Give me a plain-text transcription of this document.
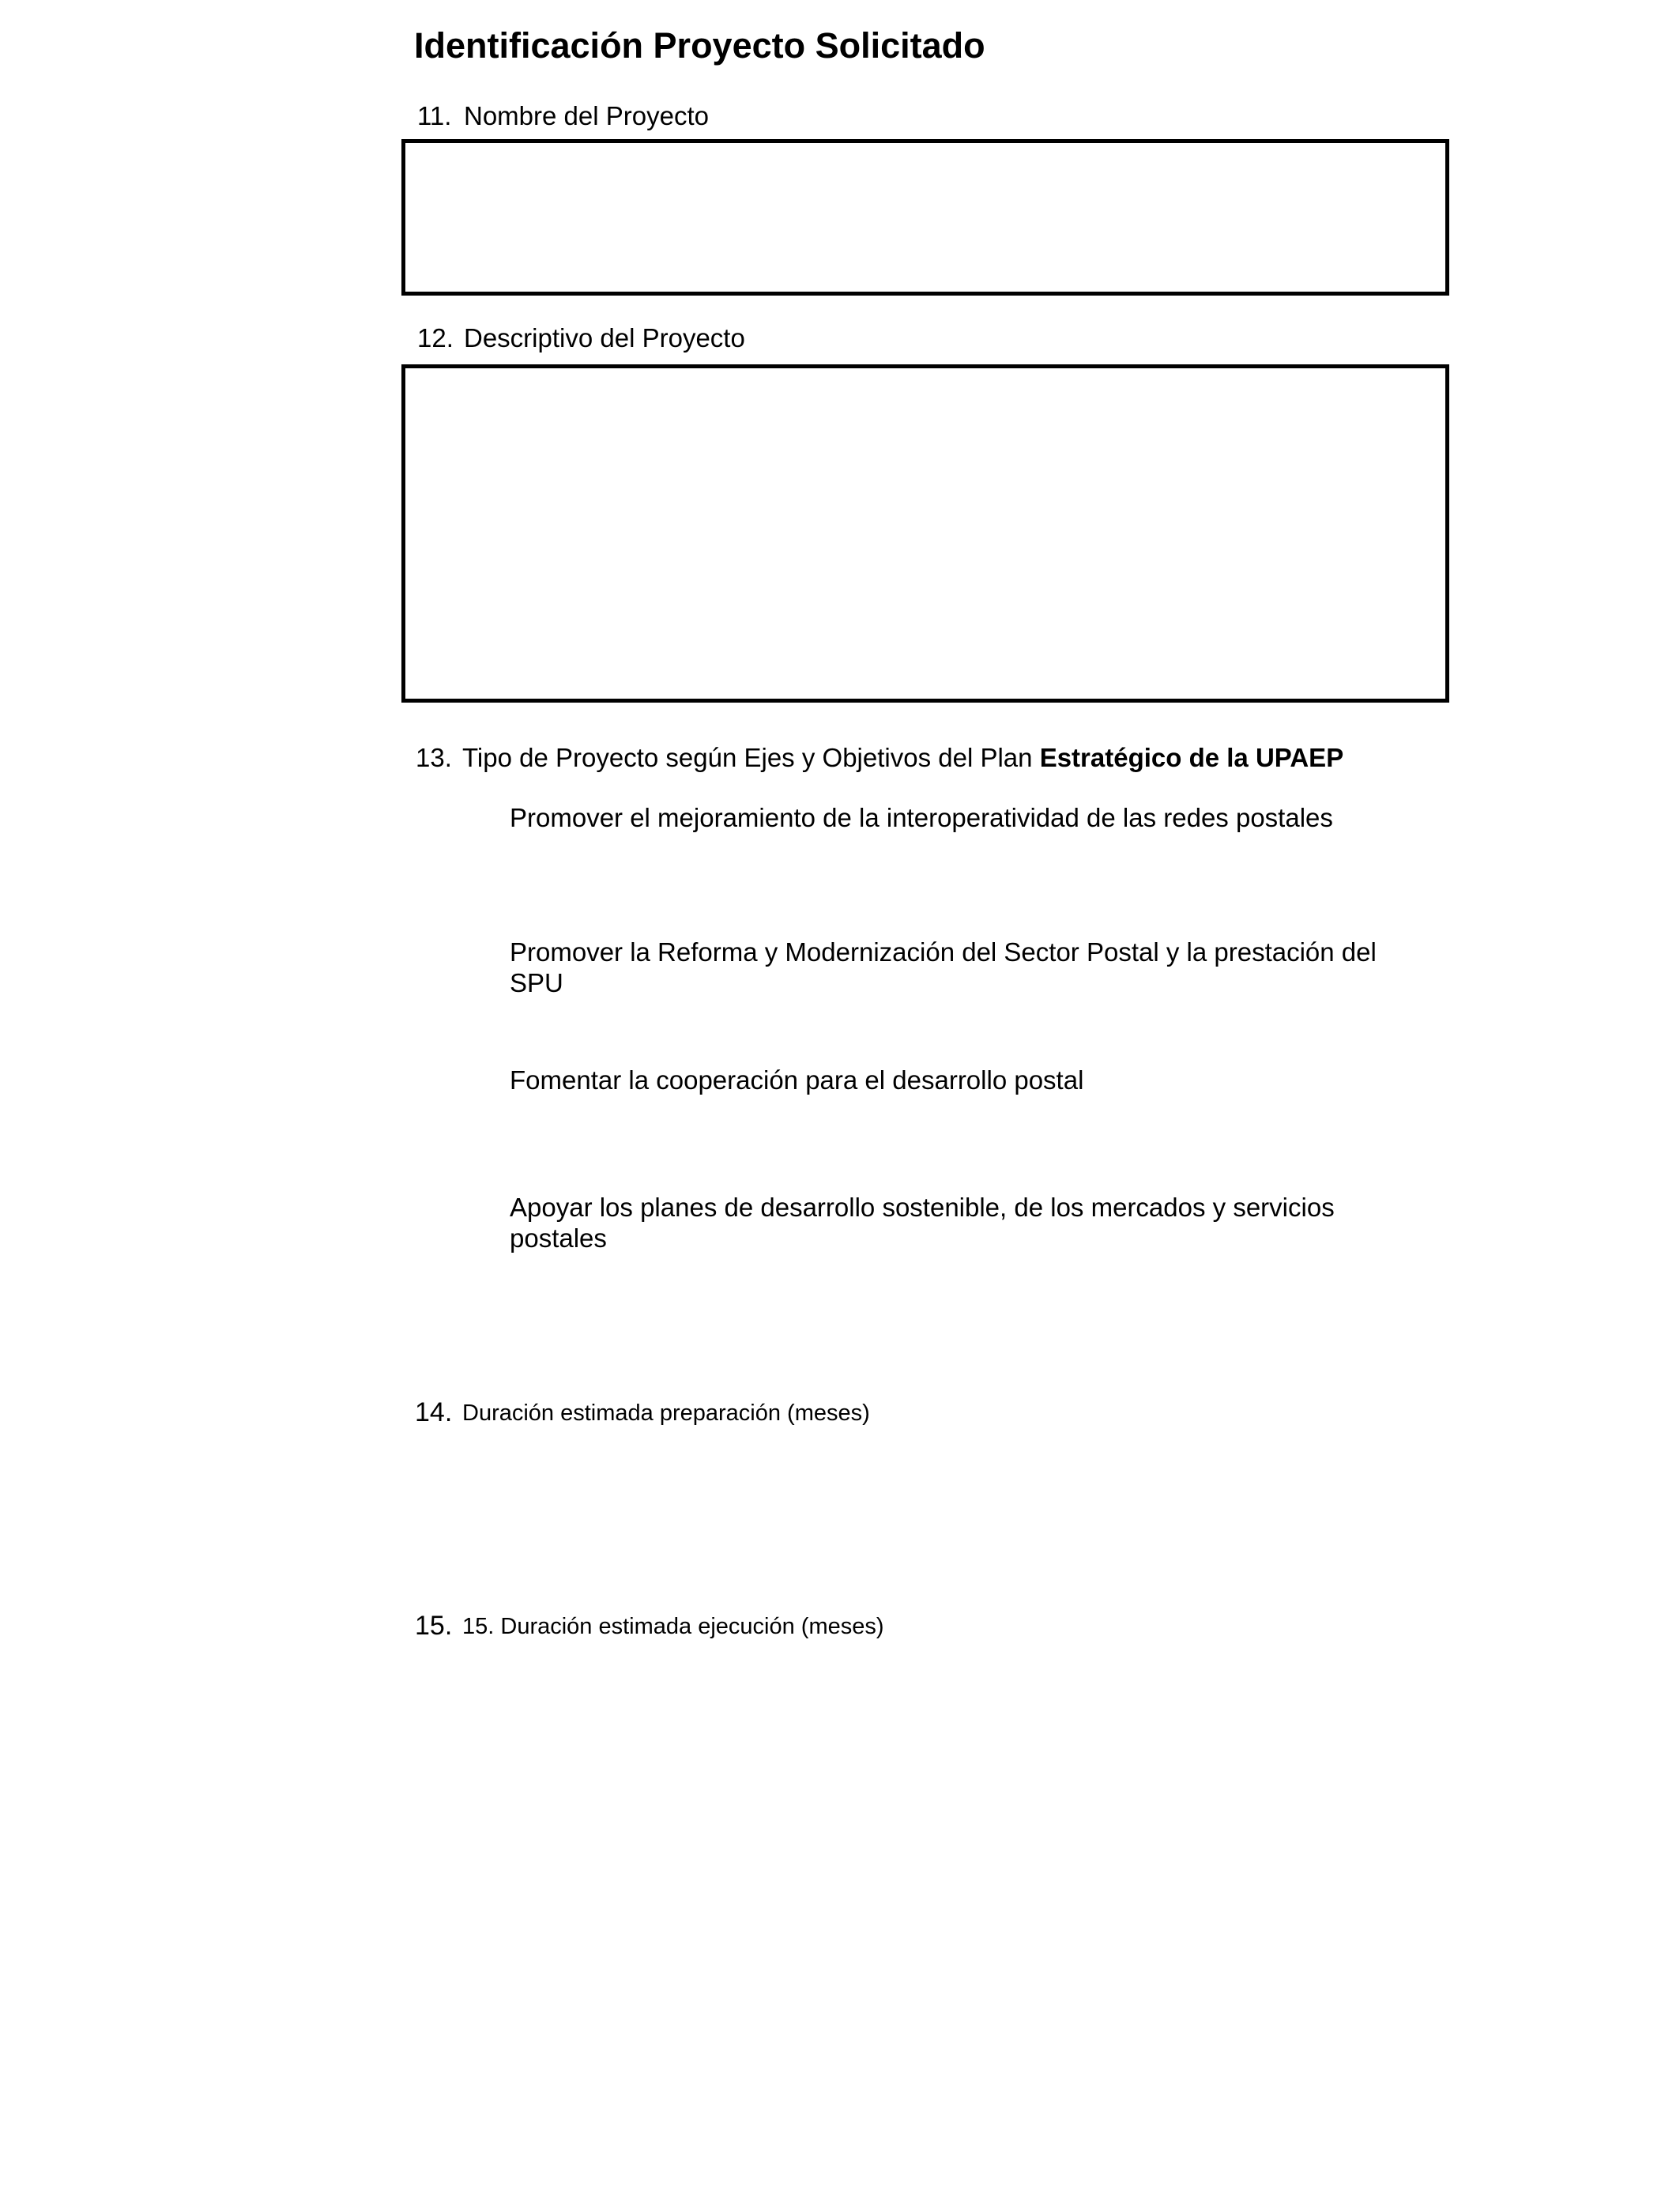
Identificación Proyecto Solicitado
11. Nombre del Proyecto
12. Descriptivo del Proyecto
13. Tipo de Proyecto según Ejes y Objetivos del Plan Estratégico de la UPAEP
Promover el mejoramiento de la interoperatividad de las redes postales
Promover la Reforma y Modernización del Sector Postal y la prestación del
SPU
Fomentar la cooperación para el desarrollo postal
Apoyar los planes de desarrollo sostenible, de los mercados y servicios
postales
14. Duración estimada preparación (meses)
15. 15. Duración estimada ejecución (meses)
